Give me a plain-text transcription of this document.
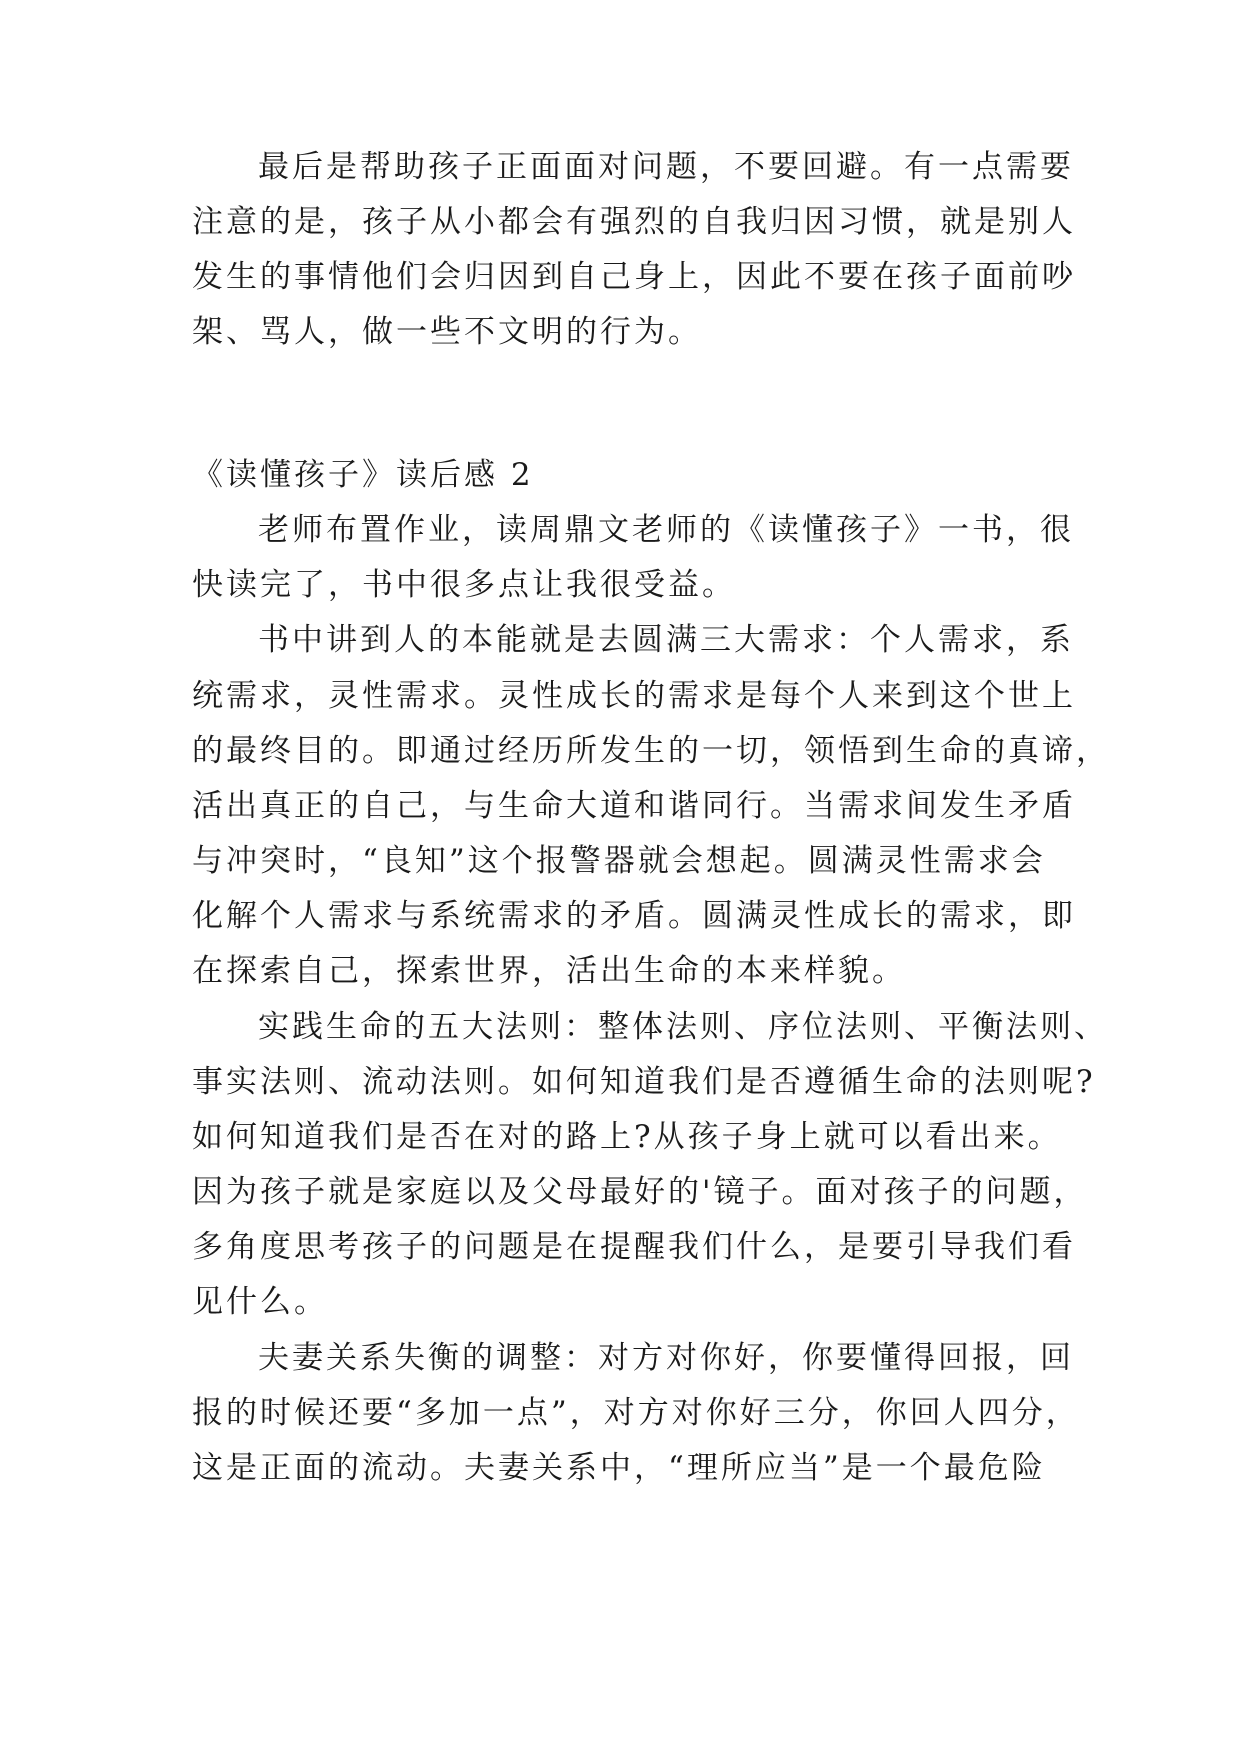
最后是帮助孩子正面面对问题，不要回避。有一点需要
注意的是，孩子从小都会有强烈的自我归因习惯，就是别人
发生的事情他们会归因到自己身上，因此不要在孩子面前吵
架、骂人，做一些不文明的行为。
《读懂孩子》读后感 2
老师布置作业，读周鼎文老师的《读懂孩子》一书，很
快读完了，书中很多点让我很受益。
书中讲到人的本能就是去圆满三大需求：个人需求，系
统需求，灵性需求。灵性成长的需求是每个人来到这个世上
的最终目的。即通过经历所发生的一切，领悟到生命的真谛，
活出真正的自己，与生命大道和谐同行。当需求间发生矛盾
与冲突时，“良知”这个报警器就会想起。圆满灵性需求会
化解个人需求与系统需求的矛盾。圆满灵性成长的需求，即
在探索自己，探索世界，活出生命的本来样貌。
实践生命的五大法则：整体法则、序位法则、平衡法则、
事实法则、流动法则。如何知道我们是否遵循生命的法则呢?
如何知道我们是否在对的路上?从孩子身上就可以看出来。
因为孩子就是家庭以及父母最好的'镜子。面对孩子的问题，
多角度思考孩子的问题是在提醒我们什么，是要引导我们看
见什么。
夫妻关系失衡的调整：对方对你好，你要懂得回报，回
报的时候还要“多加一点”，对方对你好三分，你回人四分，
这是正面的流动。夫妻关系中，“理所应当”是一个最危险
